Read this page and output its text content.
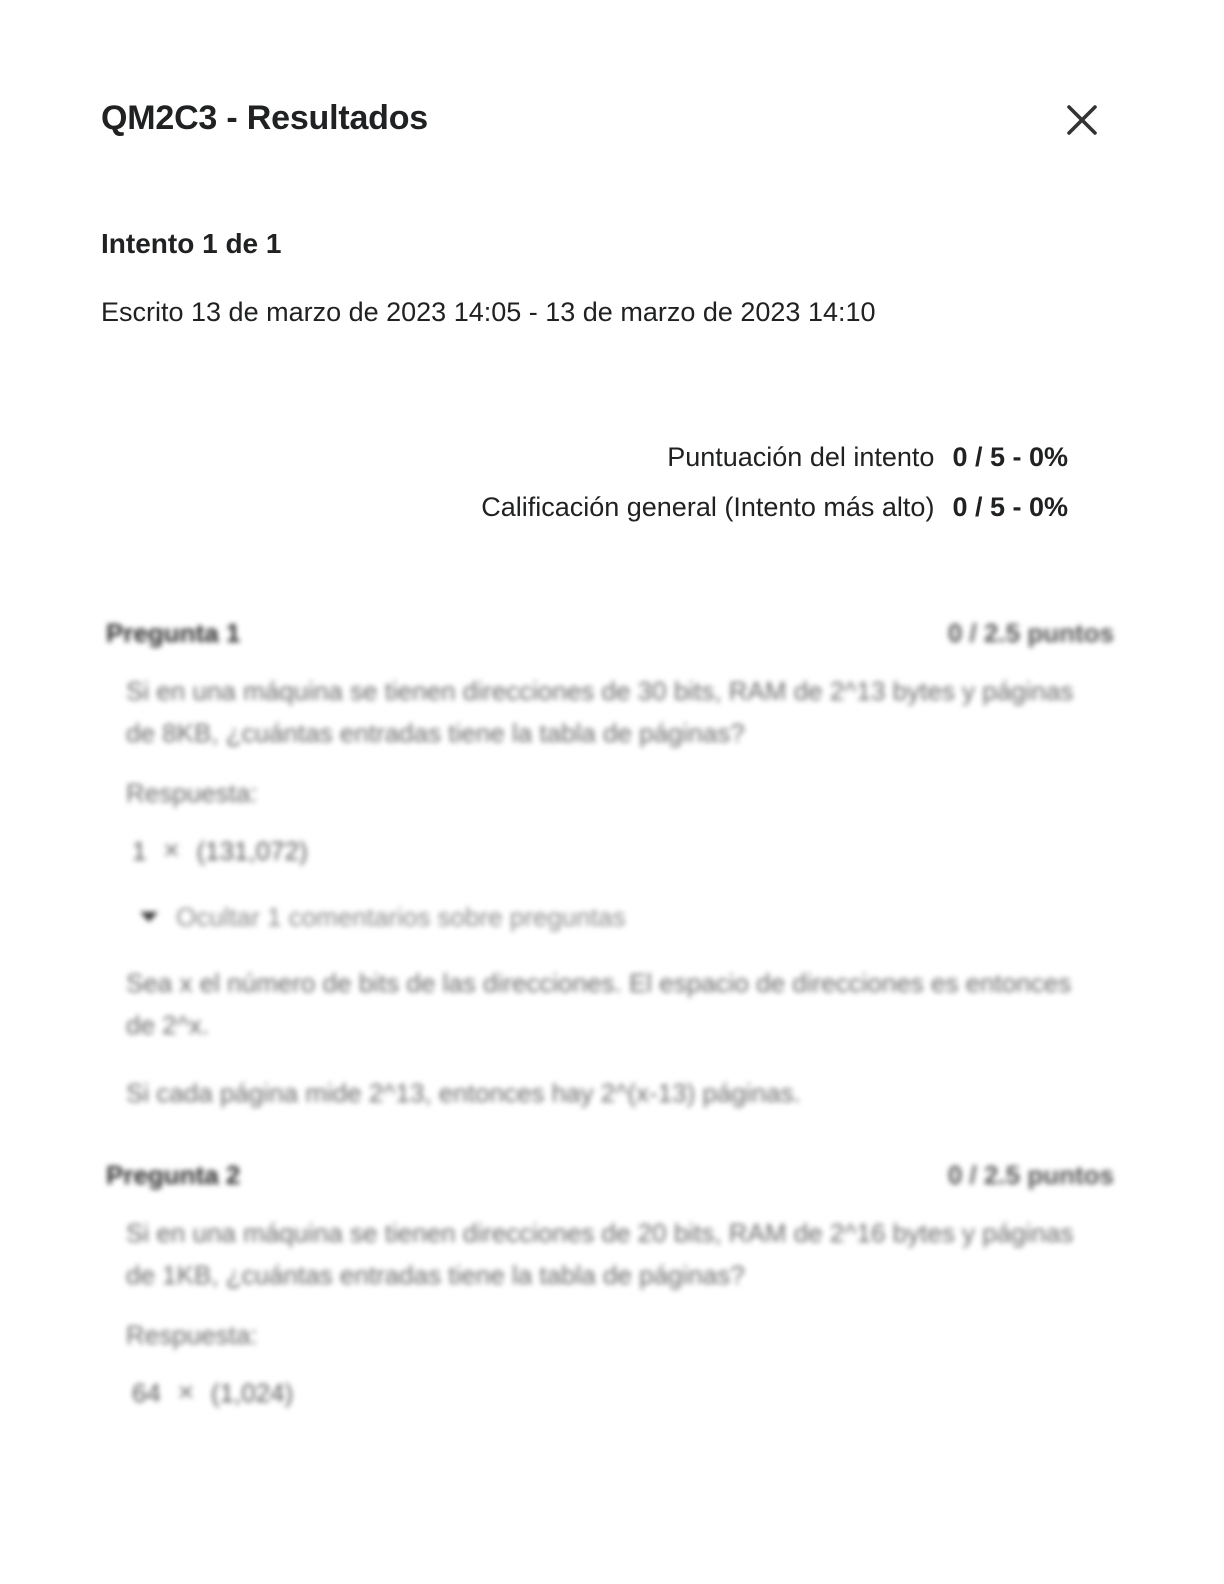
QM2C3 - Resultados
Intento 1 de 1
Escrito 13 de marzo de 2023 14:05 - 13 de marzo de 2023 14:10
Puntuación del intento	0 / 5 - 0%
Calificación general (Intento más alto)	0 / 5 - 0%
Pregunta 1	0 / 2.5 puntos
Si en una máquina se tienen direcciones de 30 bits, RAM de 2^13 bytes y páginas de 8KB, ¿cuántas entradas tiene la tabla de páginas?
Respuesta:
1 ✕ (131,072)
Ocultar 1 comentarios sobre preguntas

Sea x el número de bits de las direcciones. El espacio de direcciones es entonces de 2^x.

Si cada página mide 2^13, entonces hay 2^(x-13) páginas.

Pregunta 2	0 / 2.5 puntos
Si en una máquina se tienen direcciones de 20 bits, RAM de 2^16 bytes y páginas de 1KB, ¿cuántas entradas tiene la tabla de páginas?
Respuesta:
64 ✕ (1,024)
